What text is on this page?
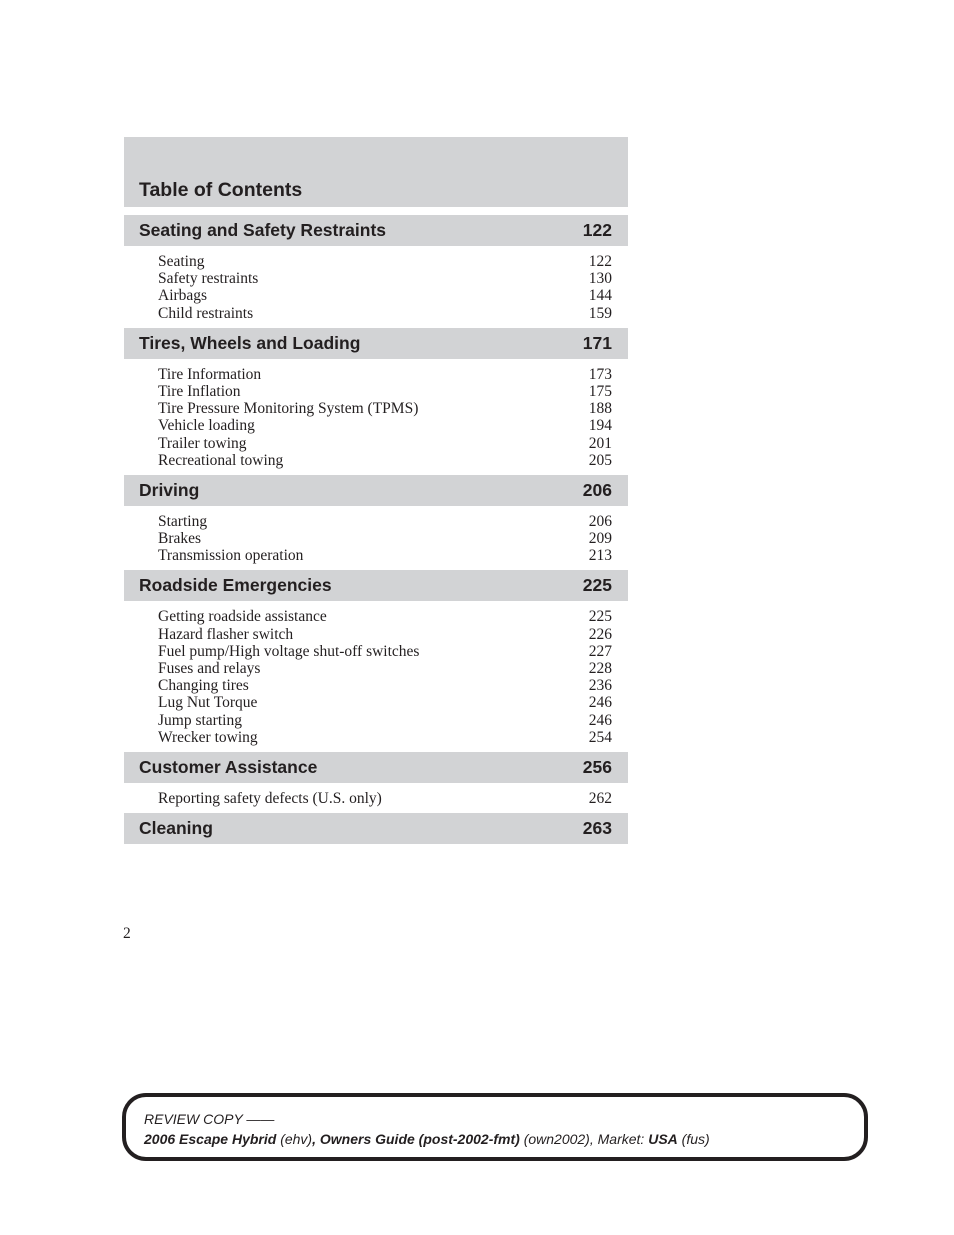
Table of Contents
Seating and Safety Restraints	122
Seating	122
Safety restraints	130
Airbags	144
Child restraints	159
Tires, Wheels and Loading	171
Tire Information	173
Tire Inflation	175
Tire Pressure Monitoring System (TPMS)	188
Vehicle loading	194
Trailer towing	201
Recreational towing	205
Driving	206
Starting	206
Brakes	209
Transmission operation	213
Roadside Emergencies	225
Getting roadside assistance	225
Hazard flasher switch	226
Fuel pump/High voltage shut-off switches	227
Fuses and relays	228
Changing tires	236
Lug Nut Torque	246
Jump starting	246
Wrecker towing	254
Customer Assistance	256
Reporting safety defects (U.S. only)	262
Cleaning	263
2
REVIEW COPY ——
2006 Escape Hybrid (ehv), Owners Guide (post-2002-fmt) (own2002), Market: USA (fus)
